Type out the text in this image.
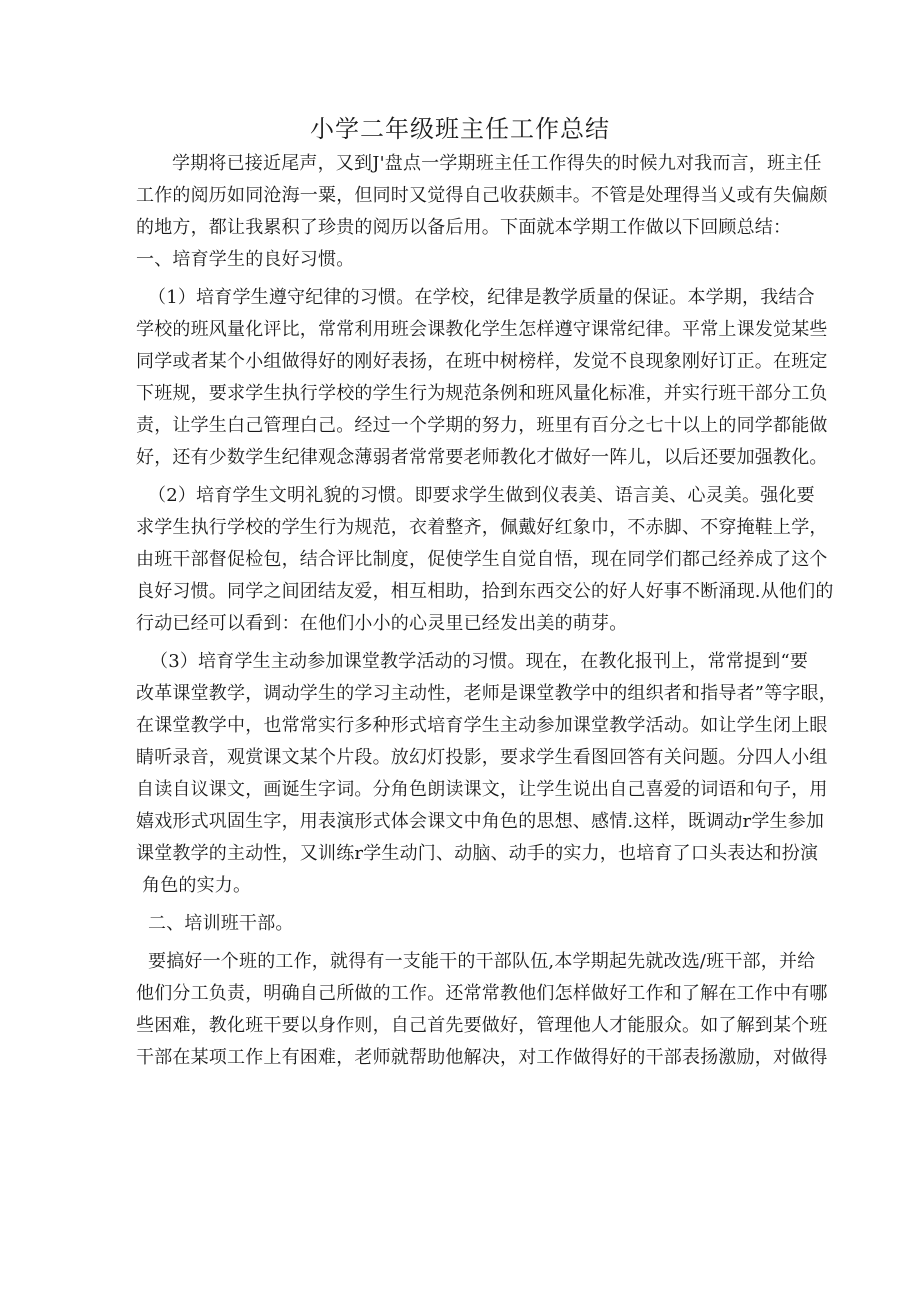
小学二年级班主任工作总结
学期将已接近尾声，又到J'盘点一学期班主任工作得失的时候九对我而言，班主任
工作的阅历如同沧海一粟，但同时又觉得自己收获颇丰。不管是处理得当乂或有失偏颇
的地方，都让我累积了珍贵的阅历以备后用。下面就本学期工作做以下回顾总结：
一、培育学生的良好习惯。
（1）培育学生遵守纪律的习惯。在学校，纪律是教学质量的保证。本学期，我结合
学校的班风量化评比，常常利用班会课教化学生怎样遵守课常纪律。平常上课发觉某些
同学或者某个小组做得好的刚好表扬，在班中树榜样，发觉不良现象刚好订正。在班定
下班规，要求学生执行学校的学生行为规范条例和班风量化标准，并实行班干部分工负
责，让学生白己管理白己。经过一个学期的努力，班里有百分之七十以上的同学都能做
好，还有少数学生纪律观念薄弱者常常要老师教化才做好一阵儿，以后还要加强教化。
（2）培育学生文明礼貌的习惯。即要求学生做到仪表美、语言美、心灵美。强化要
求学生执行学校的学生行为规范，衣着整齐，佩戴好红象巾，不赤脚、不穿掩鞋上学，
由班干部督促检包，结合评比制度，促使学生自觉自悟，现在同学们都己经养成了这个
良好习惯。同学之间团结友爱，相互相助，拾到东西交公的好人好事不断涌现.从他们的
行动已经可以看到：在他们小小的心灵里已经发出美的萌芽。
（3）培育学生主动参加课堂教学活动的习惯。现在，在教化报刊上，常常提到“要
改革课堂教学，调动学生的学习主动性，老师是课堂教学中的组织者和指导者”等字眼，
在课堂教学中，也常常实行多种形式培育学生主动参加课堂教学活动。如让学生闭上眼
睛听录音，观赏课文某个片段。放幻灯投影，要求学生看图回答有关问题。分四人小组
自读自议课文，画诞生字词。分角色朗读课文，让学生说出自己喜爱的词语和句子，用
嬉戏形式巩固生字，用表演形式体会课文中角色的思想、感情.这样，既调动r学生参加
课堂教学的主动性，又训练r学生动门、动脑、动手的实力，也培育了口头表达和扮演
角色的实力。
二、培训班干部。
要搞好一个班的工作，就得有一支能干的干部队伍,本学期起先就改选/班干部，并给
他们分工负责，明确自己所做的工作。还常常教他们怎样做好工作和了解在工作中有哪
些困难，教化班干要以身作则，自己首先要做好，管理他人才能服众。如了解到某个班
干部在某项工作上有困难，老师就帮助他解决，对工作做得好的干部表扬激励，对做得
